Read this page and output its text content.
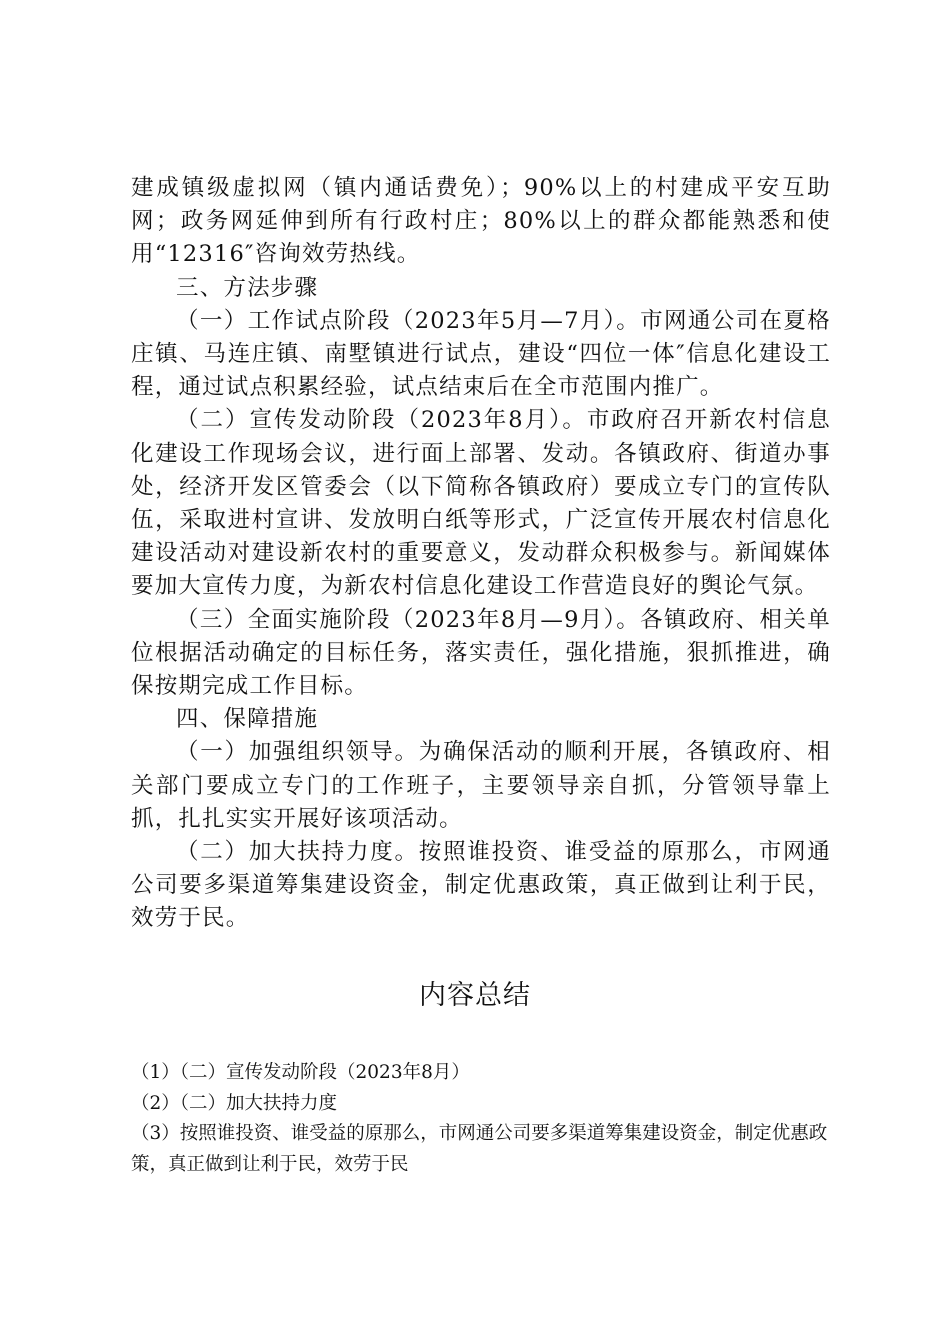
建成镇级虚拟网（镇内通话费免）；90%以上的村建成平安互助网；政务网延伸到所有行政村庄；80%以上的群众都能熟悉和使用“12316″咨询效劳热线。

三、方法步骤

（一）工作试点阶段（2023年5月—7月）。市网通公司在夏格庄镇、马连庄镇、南墅镇进行试点，建设“四位一体″信息化建设工程，通过试点积累经验，试点结束后在全市范围内推广。

（二）宣传发动阶段（2023年8月）。市政府召开新农村信息化建设工作现场会议，进行面上部署、发动。各镇政府、街道办事处，经济开发区管委会（以下简称各镇政府）要成立专门的宣传队伍，采取进村宣讲、发放明白纸等形式，广泛宣传开展农村信息化建设活动对建设新农村的重要意义，发动群众积极参与。新闻媒体要加大宣传力度，为新农村信息化建设工作营造良好的舆论气氛。

（三）全面实施阶段（2023年8月—9月）。各镇政府、相关单位根据活动确定的目标任务，落实责任，强化措施，狠抓推进，确保按期完成工作目标。

四、保障措施

（一）加强组织领导。为确保活动的顺利开展，各镇政府、相关部门要成立专门的工作班子，主要领导亲自抓，分管领导靠上抓，扎扎实实开展好该项活动。

（二）加大扶持力度。按照谁投资、谁受益的原那么，市网通公司要多渠道筹集建设资金，制定优惠政策，真正做到让利于民，效劳于民。

内容总结

（1）（二）宣传发动阶段（2023年8月）

（2）（二）加大扶持力度

（3）按照谁投资、谁受益的原那么，市网通公司要多渠道筹集建设资金，制定优惠政策，真正做到让利于民，效劳于民
